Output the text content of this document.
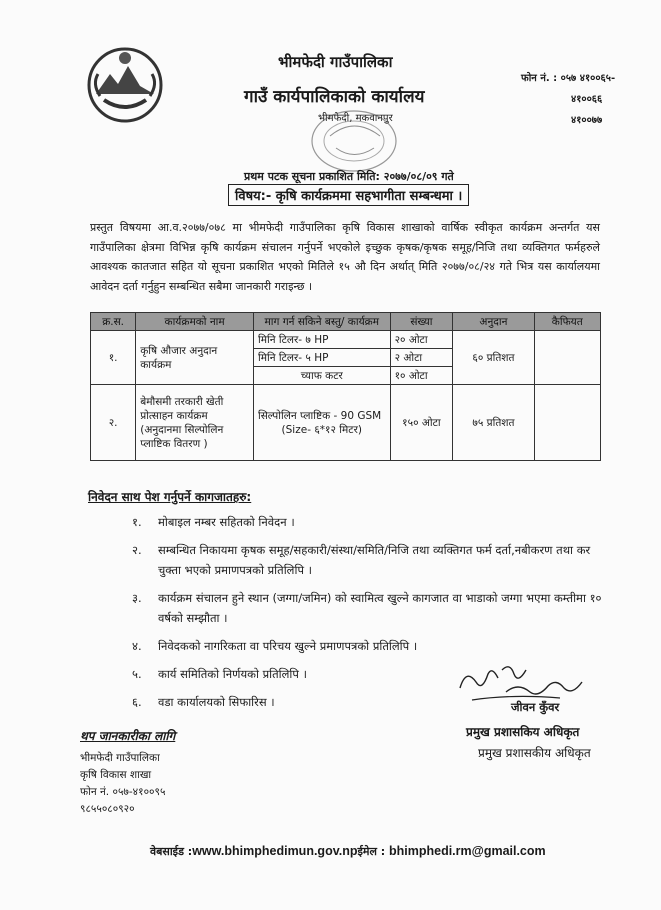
भीमफेदी गाउँपालिका
गाउँ कार्यपालिकाको कार्यालय
फोन नं. : ०५७ ४१००६५-
४१००६६
४१००७७
भीमफेदी, मकवानपुर
प्रथम पटक सूचना प्रकाशित मिति: २०७७/०८/०९ गते
विषय:- कृषि कार्यक्रममा सहभागीता सम्बन्धमा ।
प्रस्तुत विषयमा आ.व.२०७७/०७८ मा भीमफेदी गाउँपालिका कृषि विकास शाखाको वार्षिक स्वीकृत कार्यक्रम अन्तर्गत यस गाउँपालिका क्षेत्रमा विभिन्न कृषि कार्यक्रम संचालन गर्नुपर्ने भएकोले इच्छुक कृषक/कृषक समूह/निजि तथा व्यक्तिगत फर्महरुले आवश्यक कातजात सहित यो सूचना प्रकाशित भएको मितिले १५ औ दिन अर्थात् मिति २०७७/०८/२४ गते भित्र यस कार्यालयमा आवेदन दर्ता गर्नुहुन सम्बन्धित सबैमा जानकारी गराइन्छ ।
क्र.स.	कार्यक्रमको नाम	माग गर्न सकिने बस्तु/ कार्यक्रम	संख्या	अनुदान	कैफियत
१.	कृषि औजार अनुदान कार्यक्रम	मिनि टिलर- ७ HP	२० ओटा	६० प्रतिशत	
		मिनि टिलर- ५ HP	२ ओटा		
		च्याफ कटर	१० ओटा		
२.	बेमौसमी तरकारी खेती प्रोत्साहन कार्यक्रम (अनुदानमा सिल्पोलिन प्लाष्टिक वितरण )	सिल्पोलिन प्लाष्टिक - 90 GSM
(Size- ६*१२ मिटर)	१५० ओटा	७५ प्रतिशत	
निवेदन साथ पेश गर्नुपर्ने कागजातहरु:
१.	मोबाइल नम्बर सहितको निवेदन ।
२.	सम्बन्धित निकायमा कृषक समूह/सहकारी/संस्था/समिति/निजि तथा व्यक्तिगत फर्म दर्ता,नबीकरण तथा कर चुक्ता भएको प्रमाणपत्रको प्रतिलिपि ।
३.	कार्यक्रम संचालन हुने स्थान (जग्गा/जमिन) को स्वामित्व खुल्ने कागजात वा भाडाको जग्गा भएमा कम्तीमा १० वर्षको सम्झौता ।
४.	निवेदकको नागरिकता वा परिचय खुल्ने प्रमाणपत्रको प्रतिलिपि ।
५.	कार्य समितिको निर्णयको प्रतिलिपि ।
६.	वडा कार्यालयको सिफारिस ।	जीवन कुँवर
प्रमुख प्रशासकिय अधिकृत
प्रमुख प्रशासकीय अधिकृत
थप जानकारीका लागि
भीमफेदी गाउँपालिका
कृषि विकास शाखा
फोन नं. ०५७-४१००९५
९८५५०८०९२०
वेबसाईड :www.bhimphedimun.gov.npईमेल : bhimphedi.rm@gmail.com
